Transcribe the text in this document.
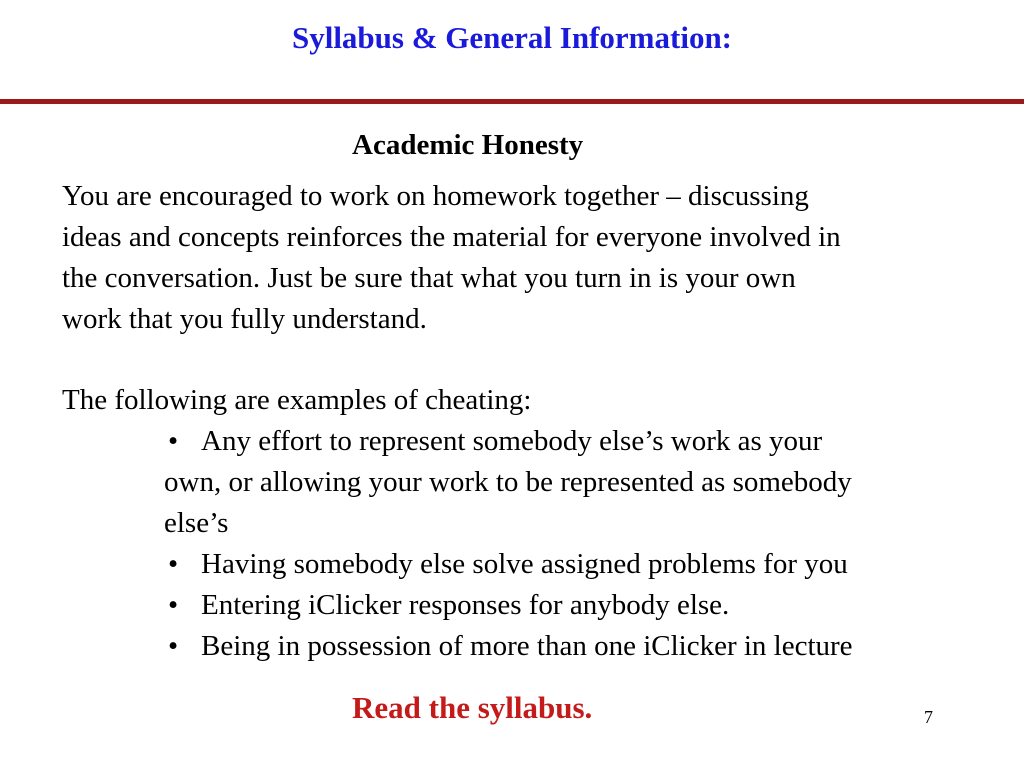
Syllabus & General Information:
Academic Honesty
You are encouraged to work on homework together – discussing
ideas and concepts reinforces the material for everyone involved in
the conversation. Just be sure that what you turn in is your own
work that you fully understand.
The following are examples of cheating:
• Any effort to represent somebody else’s work as your
own, or allowing your work to be represented as somebody
else’s
• Having somebody else solve assigned problems for you
• Entering iClicker responses for anybody else.
• Being in possession of more than one iClicker in lecture
Read the syllabus.	7
